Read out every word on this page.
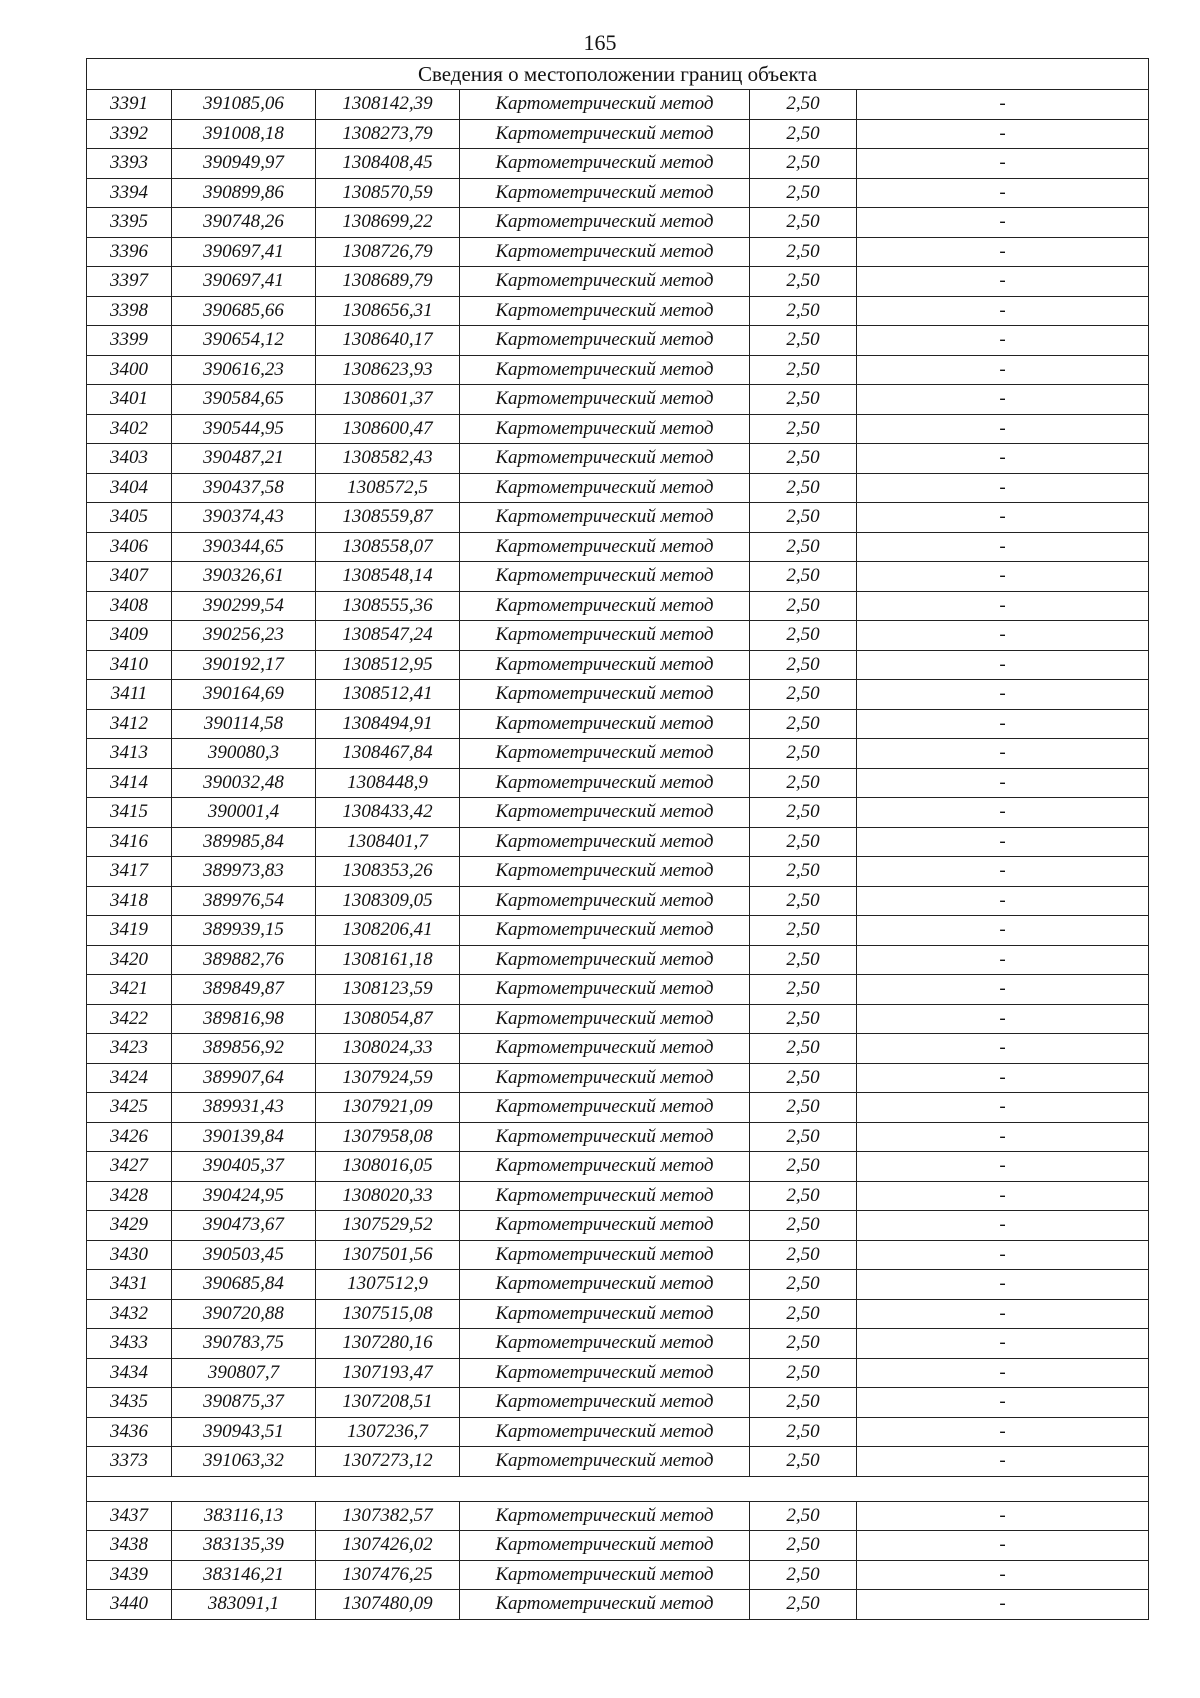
165
Сведения о местоположении границ объекта					
3391	391085,06	1308142,39	Картометрический метод	2,50	-
3392	391008,18	1308273,79	Картометрический метод	2,50	-
3393	390949,97	1308408,45	Картометрический метод	2,50	-
3394	390899,86	1308570,59	Картометрический метод	2,50	-
3395	390748,26	1308699,22	Картометрический метод	2,50	-
3396	390697,41	1308726,79	Картометрический метод	2,50	-
3397	390697,41	1308689,79	Картометрический метод	2,50	-
3398	390685,66	1308656,31	Картометрический метод	2,50	-
3399	390654,12	1308640,17	Картометрический метод	2,50	-
3400	390616,23	1308623,93	Картометрический метод	2,50	-
3401	390584,65	1308601,37	Картометрический метод	2,50	-
3402	390544,95	1308600,47	Картометрический метод	2,50	-
3403	390487,21	1308582,43	Картометрический метод	2,50	-
3404	390437,58	1308572,5	Картометрический метод	2,50	-
3405	390374,43	1308559,87	Картометрический метод	2,50	-
3406	390344,65	1308558,07	Картометрический метод	2,50	-
3407	390326,61	1308548,14	Картометрический метод	2,50	-
3408	390299,54	1308555,36	Картометрический метод	2,50	-
3409	390256,23	1308547,24	Картометрический метод	2,50	-
3410	390192,17	1308512,95	Картометрический метод	2,50	-
3411	390164,69	1308512,41	Картометрический метод	2,50	-
3412	390114,58	1308494,91	Картометрический метод	2,50	-
3413	390080,3	1308467,84	Картометрический метод	2,50	-
3414	390032,48	1308448,9	Картометрический метод	2,50	-
3415	390001,4	1308433,42	Картометрический метод	2,50	-
3416	389985,84	1308401,7	Картометрический метод	2,50	-
3417	389973,83	1308353,26	Картометрический метод	2,50	-
3418	389976,54	1308309,05	Картометрический метод	2,50	-
3419	389939,15	1308206,41	Картометрический метод	2,50	-
3420	389882,76	1308161,18	Картометрический метод	2,50	-
3421	389849,87	1308123,59	Картометрический метод	2,50	-
3422	389816,98	1308054,87	Картометрический метод	2,50	-
3423	389856,92	1308024,33	Картометрический метод	2,50	-
3424	389907,64	1307924,59	Картометрический метод	2,50	-
3425	389931,43	1307921,09	Картометрический метод	2,50	-
3426	390139,84	1307958,08	Картометрический метод	2,50	-
3427	390405,37	1308016,05	Картометрический метод	2,50	-
3428	390424,95	1308020,33	Картометрический метод	2,50	-
3429	390473,67	1307529,52	Картометрический метод	2,50	-
3430	390503,45	1307501,56	Картометрический метод	2,50	-
3431	390685,84	1307512,9	Картометрический метод	2,50	-
3432	390720,88	1307515,08	Картометрический метод	2,50	-
3433	390783,75	1307280,16	Картометрический метод	2,50	-
3434	390807,7	1307193,47	Картометрический метод	2,50	-
3435	390875,37	1307208,51	Картометрический метод	2,50	-
3436	390943,51	1307236,7	Картометрический метод	2,50	-
3373	391063,32	1307273,12	Картометрический метод	2,50	-

3437	383116,13	1307382,57	Картометрический метод	2,50	-
3438	383135,39	1307426,02	Картометрический метод	2,50	-
3439	383146,21	1307476,25	Картометрический метод	2,50	-
3440	383091,1	1307480,09	Картометрический метод	2,50	-
